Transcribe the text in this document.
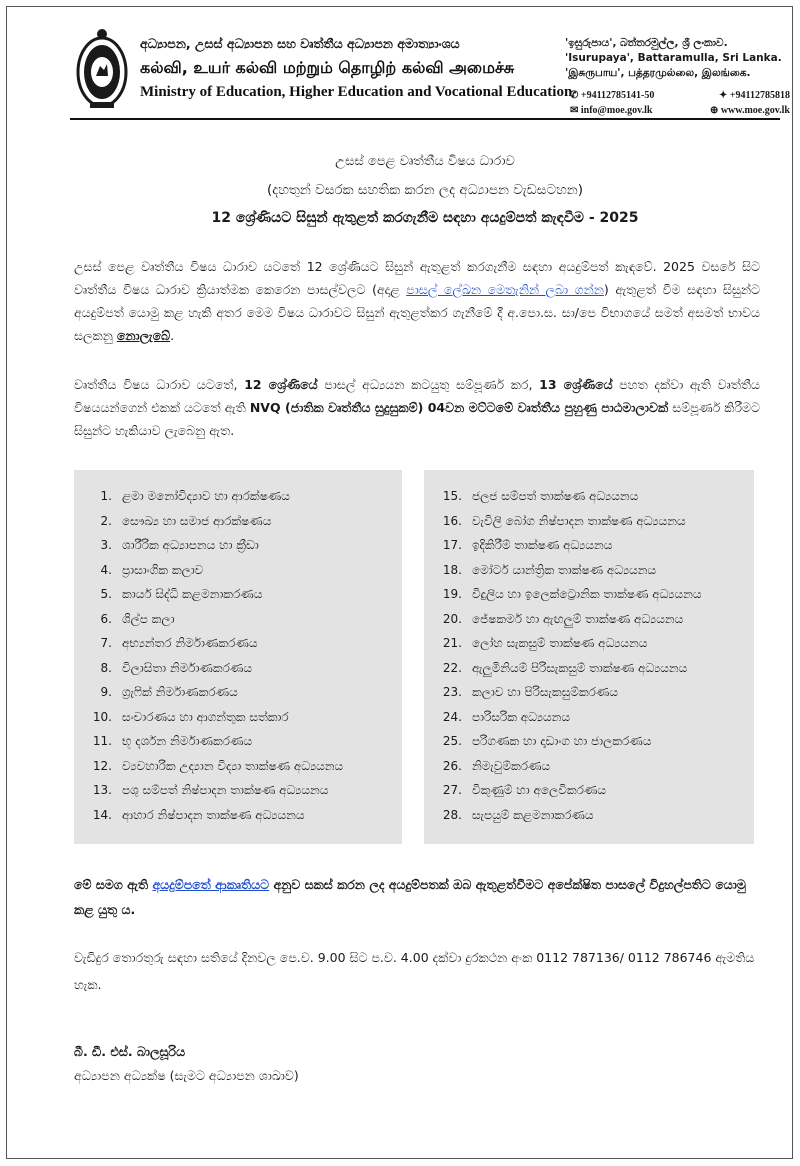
අධ්‍යාපන, උසස් අධ්‍යාපන සහ වෘත්තීය අධ්‍යාපන අමාත්‍යාංශය
கல்வி, உயர் கல்வி மற்றும் தொழிற் கல்வி அமைச்சு
Ministry of Education, Higher Education and Vocational Education
'ඉසුරුපාය', බත්තරමුල්ල, ශ්‍රී ලංකාව.
'Isurupaya', Battaramulla, Sri Lanka.
'இசுருபாய', பத்தரமுல்லை, இலங்கை.
✆ +94112785141-50	✦ +94112785818
✉ info@moe.gov.lk	⊕ www.moe.gov.lk
උසස් පෙළ වෘත්තීය විෂය ධාරාව
(දහතුන් වසරක සහතික කරන ලද අධ්‍යාපන වැඩසටහන)
12 ශ්‍රේණියට සිසුන් ඇතුළත් කරගැනීම සඳහා අයදුම්පත් කැඳවීම - 2025
උසස් පෙළ වෘත්තීය විෂය ධාරාව යටතේ 12 ශ්‍රේණියට සිසුන් ඇතුළත් කරගැනීම සඳහා අයදුම්පත් කැඳවේ. 2025 වසරේ සිට වෘත්තීය විෂය ධාරාව ක්‍රියාත්මක කෙරෙන පාසල්වලට (අදාළ පාසල් ලේඛන මෙතැනින් ලබා ගන්න) ඇතුළත් වීම සඳහා සිසුන්ට අයදුම්පත් යොමු කළ හැකි අතර මෙම විෂය ධාරාවට සිසුන් ඇතුළත්කර ගැනීමේ දී අ.පො.ස. සා/පෙ විභාගයේ සමත් අසමත් භාවය සලකනු නොලැබේ.
වෘත්තීය විෂය ධාරාව යටතේ, 12 ශ්‍රේණියේ පාසල් අධ්‍යයන කටයුතු සම්පූර්ණ කර, 13 ශ්‍රේණියේ පහත දක්වා ඇති වෘත්තීය විෂයයන්ගෙන් එකක් යටතේ ඇති NVQ (ජාතික වෘත්තීය සුදුසුකම්) 04වන මට්ටමේ වෘත්තීය පුහුණු පාඨමාලාවක් සම්පූර්ණ කිරීමට සිසුන්ට හැකියාව ලැබෙනු ඇත.
1. ළමා මනෝවිද්‍යාව හා ආරක්ෂණය
2. සෞඛ්‍ය හා සමාජ ආරක්ෂණය
3. ශාරීරික අධ්‍යාපනය හා ක්‍රීඩා
4. ප්‍රාසාංගික කලාව
5. කාර්ය සිද්ධි කළමනාකරණය
6. ශිල්ප කලා
7. අභ්‍යන්තර නිර්මාණකරණය
8. විලාසිතා නිර්මාණකරණය
9. ග්‍රැෆික් නිර්මාණකරණය
10. සංචාරණය හා ආගන්තුක සත්කාර
11. භූ දර්ශන නිර්මාණකරණය
12. ව්‍යවහාරික උද්‍යාන විද්‍යා තාක්ෂණ අධ්‍යයනය
13. පශු සම්පත් නිෂ්පාදන තාක්ෂණ අධ්‍යයනය
14. ආහාර නිෂ්පාදන තාක්ෂණ අධ්‍යයනය
15. ජලජ සම්පත් තාක්ෂණ අධ්‍යයනය
16. වැවිලි බෝග නිෂ්පාදන තාක්ෂණ අධ්‍යයනය
17. ඉදිකිරීම් තාක්ෂණ අධ්‍යයනය
18. මෝටර් යාන්ත්‍රික තාක්ෂණ අධ්‍යයනය
19. විදුලිය හා ඉලෙක්ට්‍රොනික තාක්ෂණ අධ්‍යයනය
20. ජේෂකර්ම හා ඇඟලුම් තාක්ෂණ අධ්‍යයනය
21. ලෝහ සැකසුම් තාක්ෂණ අධ්‍යයනය
22. ඇලුමිනියම් පිරිසැකසුම් තාක්ෂණ අධ්‍යයනය
23. කලාව හා පිරිසැකසුම්කරණය
24. පාරිසරික අධ්‍යයනය
25. පරිගණක හා දෘඩාංග හා ජාලකරණය
26. නිමැවුම්කරණය
27. විකුණුම් හා අලෙවිකරණය
28. සැපයුම් කළමනාකරණය
මේ සමග ඇති අයදුම්පතේ ආකෘතියට අනුව සකස් කරන ලද අයදුම්පතක් ඔබ ඇතුළත්වීමට අපේක්ෂිත පාසලේ විදුහල්පතිට යොමු කළ යුතු ය.
වැඩිදුර තොරතුරු සඳහා සතියේ දිනවල පෙ.ව. 9.00 සිට ප.ව. 4.00 දක්වා දුරකථන අංක 0112 787136/ 0112 786746 ඇමතිය හැක.
බී. ඩී. එස්. බාලසූරිය
අධ්‍යාපන අධ්‍යක්ෂ (සැමට අධ්‍යාපන ශාඛාව)
